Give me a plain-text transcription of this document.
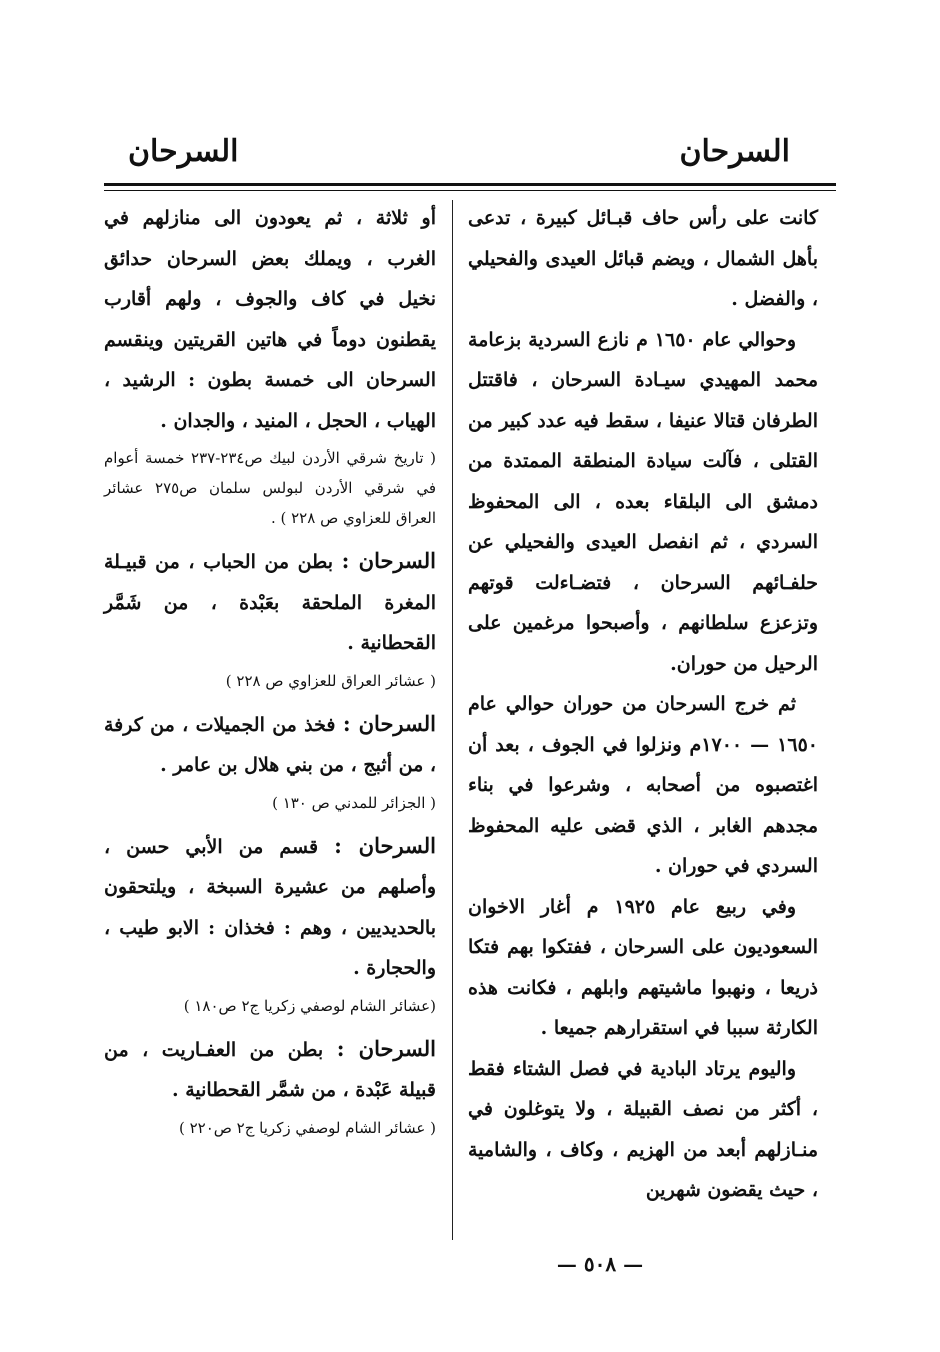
السرحان
السرحان

كانت على رأس حاف قبـائل كبيرة ، تدعى بأهل الشمال ، ويضم قبائل العيدى والفحيلي ، والفضل .

وحوالي عام ١٦٥٠ م نازع السردية بزعامة محمد المهيدي سيـادة السرحان ، فاقتتل الطرفان قتالا عنيفا ، سقط فيه عدد كبير من القتلى ، فآلت سيادة المنطقة الممتدة من دمشق الى البلقاء بعده ، الى المحفوظ السردي ، ثم انفصل العيدى والفحيلي عن حلفـائهم السرحان ، فتضـاءلت قوتهم وتزعزع سلطانهم ، وأصبحوا مرغمين على الرحيل من حوران.

ثم خرج السرحان من حوران حوالي عام ١٦٥٠ — ١٧٠٠م ونزلوا في الجوف ، بعد أن اغتصبوه من أصحابه ، وشرعوا في بناء مجدهم الغابر ، الذي قضى عليه المحفوظ السردي في حوران .

وفي ربيع عام ١٩٢٥ م أغار الاخوان السعوديون على السرحان ، ففتكوا بهم فتكا ذريعا ، ونهبوا ماشيتهم وابلهم ، فكانت هذه الكارثة سببا في استقرارهم جميعا .

واليوم يرتاد البادية في فصل الشتاء فقط ، أكثر من نصف القبيلة ، ولا يتوغلون في منـازلهم أبعد من الهزيم ، وكاف ، والشامية ، حيث يقضون شهرين

أو ثلاثة ، ثم يعودون الى منازلهم في الغرب ، ويملك بعض السرحان حدائق نخيل في كاف والجوف ، ولهم أقارب يقطنون دوماً في هاتين القريتين وينقسم السرحان الى خمسة بطون : الرشيد ، الهياب ، الحجل ، المنيد ، والجدان .

( تاريخ شرقي الأردن لبيك ص٢٣٤-٢٣٧ خمسة أعوام في شرقي الأردن لبولس سلمان ص٢٧٥ عشائر العراق للعزاوي ص ٢٢٨ ) .

السرحان : بطن من الحباب ، من قبيـلة المغرة الملحقة بعَبْدة ، من شَمَّر القحطانية .

( عشائر العراق للعزاوي ص ٢٢٨ )

السرحان : فخذ من الجميلات ، من كرفة ، من أثبج ، من بني هلال بن عامر .

( الجزائر للمدني ص ١٣٠ )

السرحان : قسم من الأبي حسن ، وأصلهم من عشيرة السبخة ، ويلتحقون بالحديديين ، وهم : فخذان : الابو طيب ، والحجارة .

(عشائر الشام لوصفي زكريا ج٢ ص١٨٠ )

السرحان : بطن من العفـاريت ، من قبيلة عَبْدة ، من شمَّر القحطانية .

( عشائر الشام لوصفي زكريا ج٢ ص٢٢٠ )

— ٥٠٨ —
